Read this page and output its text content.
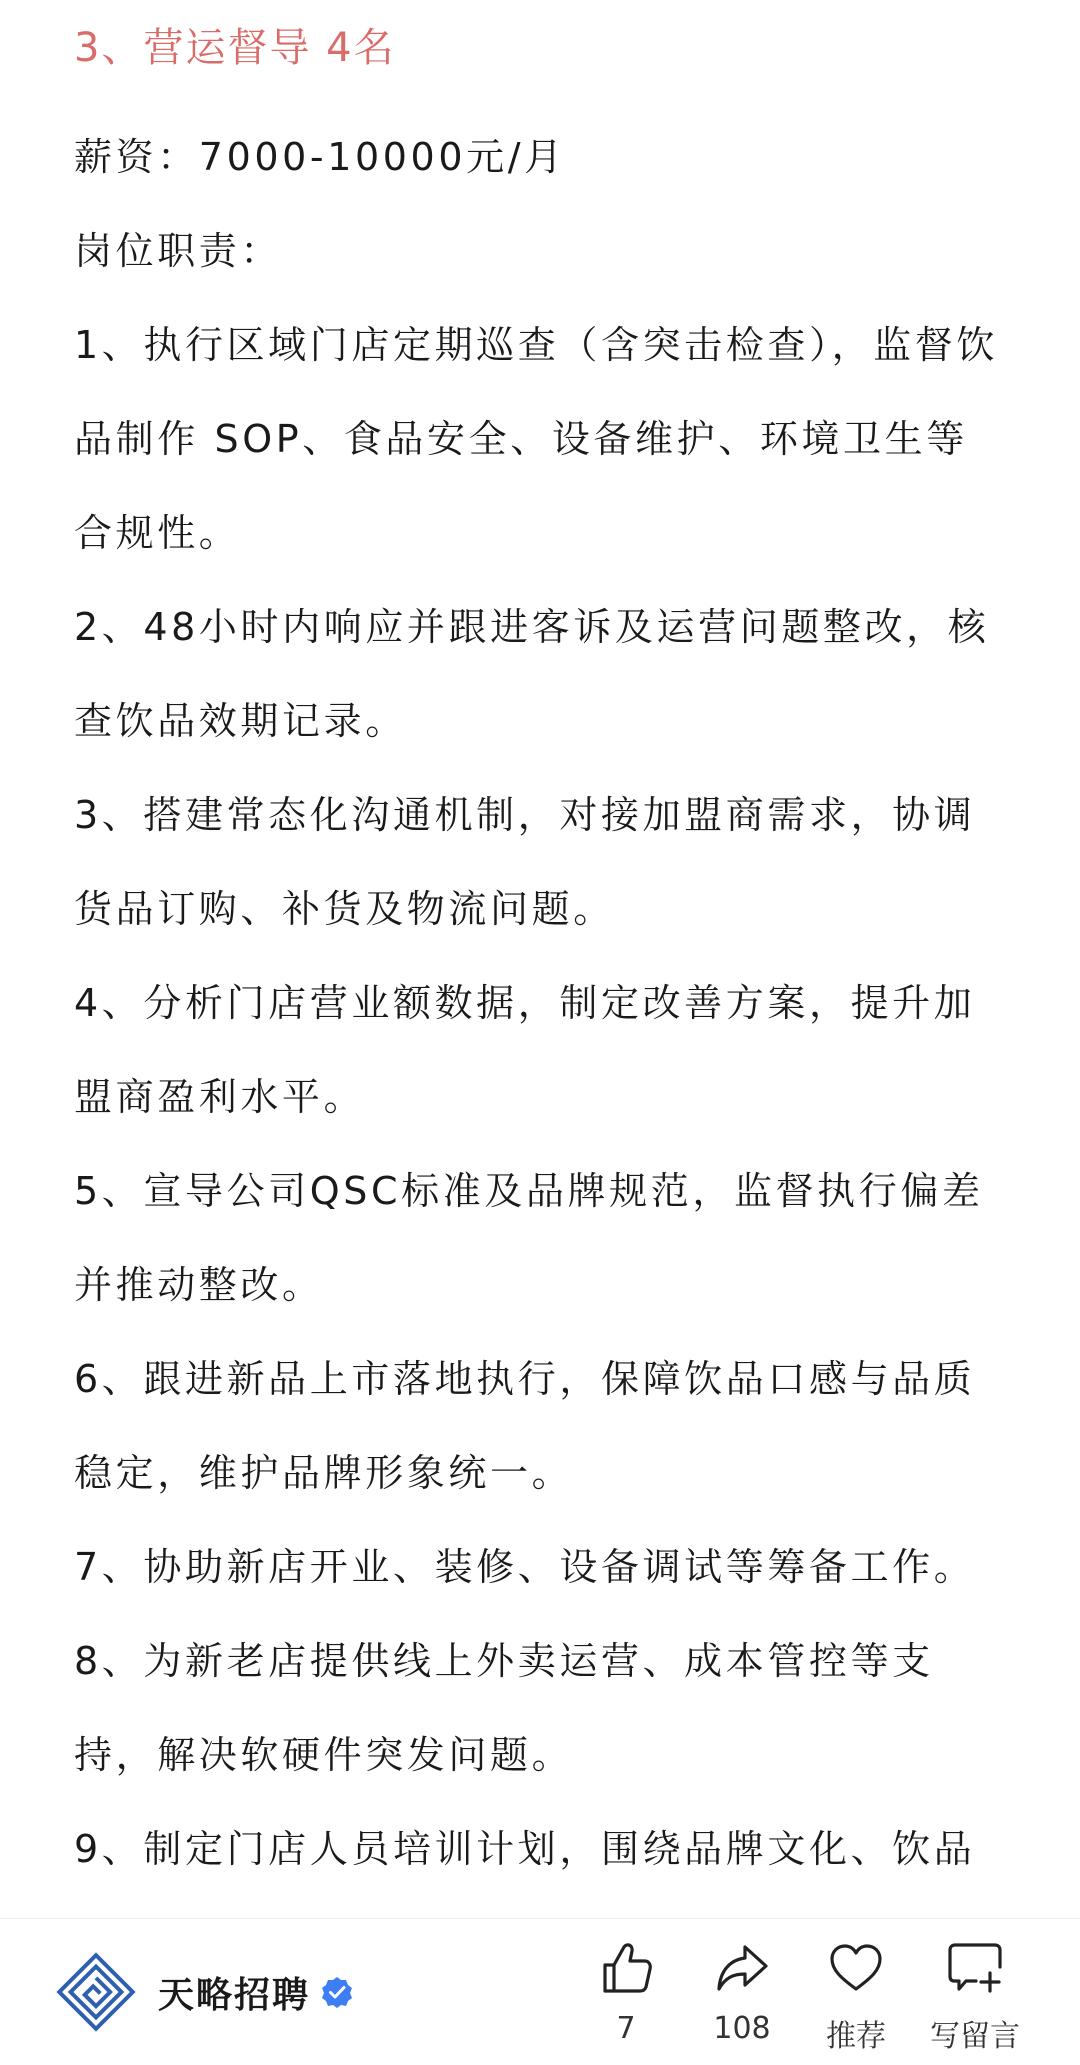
3、营运督导 4名

薪资：7000-10000元/月

岗位职责：

1、执行区域门店定期巡查（含突击检查），监督饮品制作 SOP、食品安全、设备维护、环境卫生等合规性。

2、48小时内响应并跟进客诉及运营问题整改，核查饮品效期记录。

3、搭建常态化沟通机制，对接加盟商需求，协调货品订购、补货及物流问题。

4、分析门店营业额数据，制定改善方案，提升加盟商盈利水平。

5、宣导公司QSC标准及品牌规范，监督执行偏差并推动整改。

6、跟进新品上市落地执行，保障饮品口感与品质稳定，维护品牌形象统一。

7、协助新店开业、装修、设备调试等筹备工作。

8、为新老店提供线上外卖运营、成本管控等支持，解决软硬件突发问题。

9、制定门店人员培训计划，围绕品牌文化、饮品

天略招聘
7	108	推荐	写留言
